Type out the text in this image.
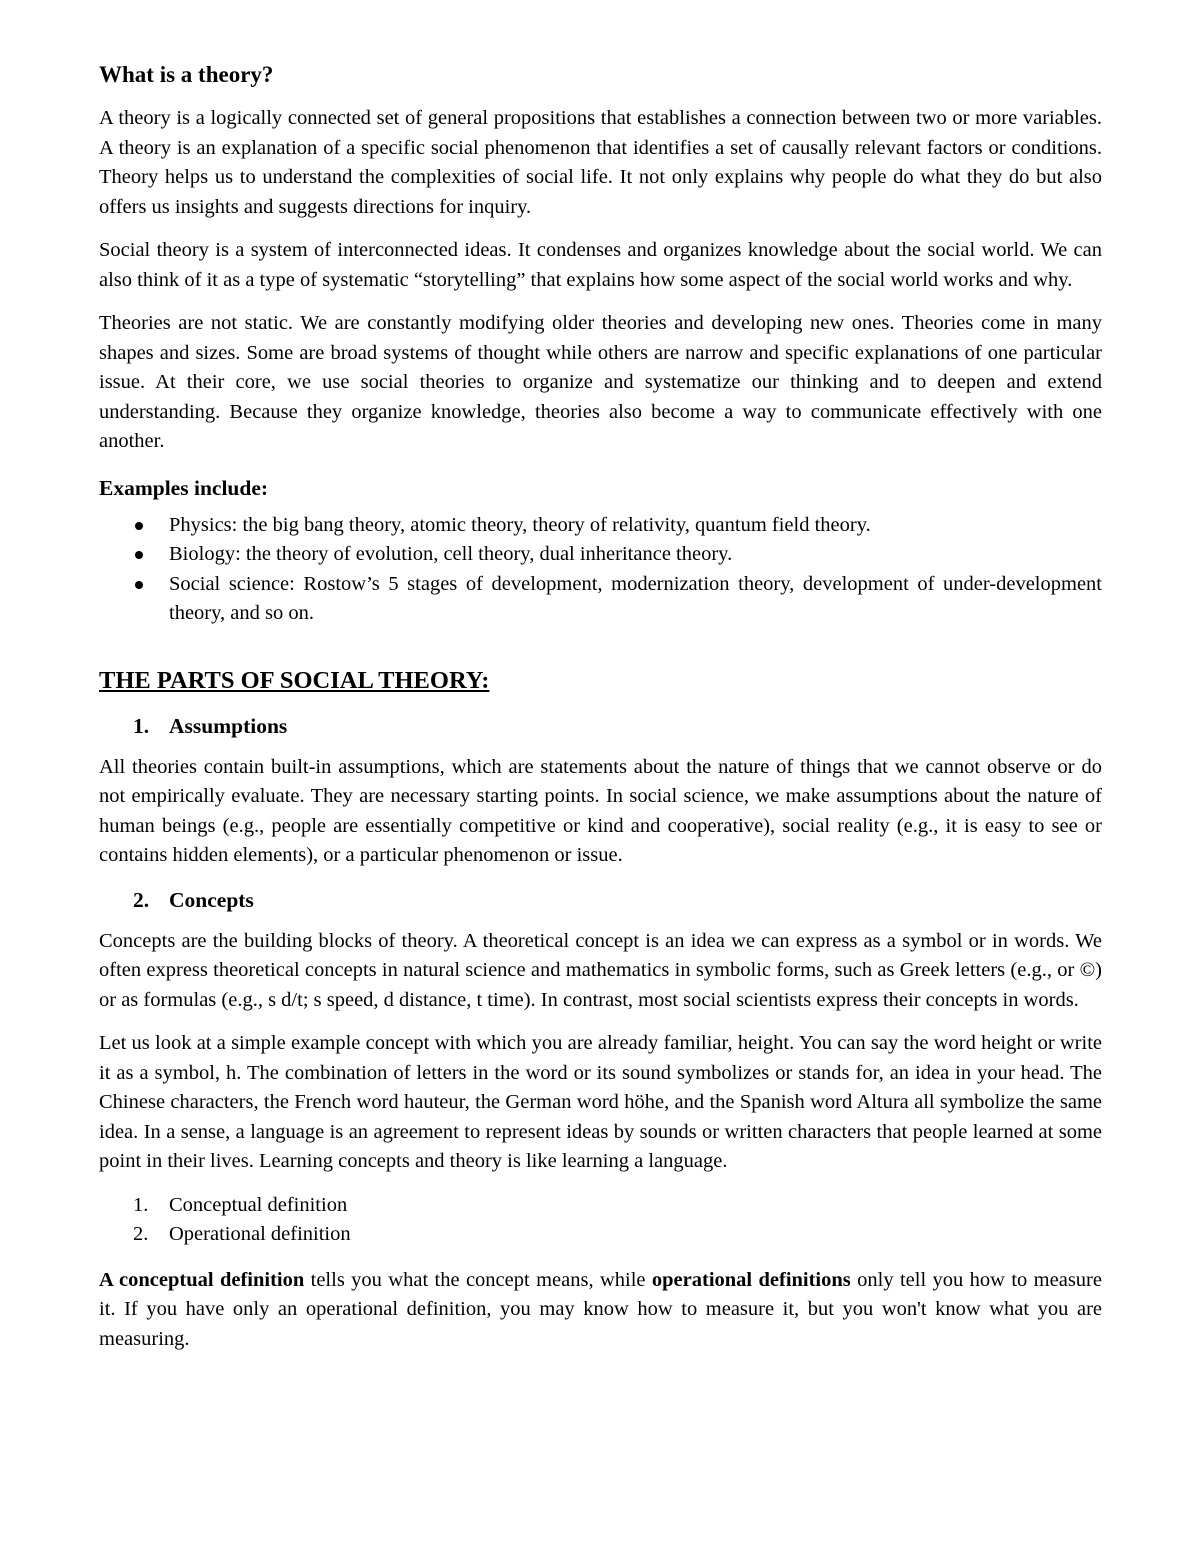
What is a theory?

A theory is a logically connected set of general propositions that establishes a connection between two or more variables. A theory is an explanation of a specific social phenomenon that identifies a set of causally relevant factors or conditions. Theory helps us to understand the complexities of social life. It not only explains why people do what they do but also offers us insights and suggests directions for inquiry.

Social theory is a system of interconnected ideas. It condenses and organizes knowledge about the social world. We can also think of it as a type of systematic “storytelling” that explains how some aspect of the social world works and why.

Theories are not static. We are constantly modifying older theories and developing new ones. Theories come in many shapes and sizes. Some are broad systems of thought while others are narrow and specific explanations of one particular issue. At their core, we use social theories to organize and systematize our thinking and to deepen and extend understanding. Because they organize knowledge, theories also become a way to communicate effectively with one another.

Examples include:
Physics: the big bang theory, atomic theory, theory of relativity, quantum field theory.
Biology: the theory of evolution, cell theory, dual inheritance theory.
Social science: Rostow’s 5 stages of development, modernization theory, development of under-development theory, and so on.
THE PARTS OF SOCIAL THEORY:
1. Assumptions

All theories contain built-in assumptions, which are statements about the nature of things that we cannot observe or do not empirically evaluate. They are necessary starting points. In social science, we make assumptions about the nature of human beings (e.g., people are essentially competitive or kind and cooperative), social reality (e.g., it is easy to see or contains hidden elements), or a particular phenomenon or issue.

2. Concepts

Concepts are the building blocks of theory. A theoretical concept is an idea we can express as a symbol or in words. We often express theoretical concepts in natural science and mathematics in symbolic forms, such as Greek letters (e.g., or ©) or as formulas (e.g., s d/t; s speed, d distance, t time). In contrast, most social scientists express their concepts in words.

Let us look at a simple example concept with which you are already familiar, height. You can say the word height or write it as a symbol, h. The combination of letters in the word or its sound symbolizes or stands for, an idea in your head. The Chinese characters, the French word hauteur, the German word höhe, and the Spanish word Altura all symbolize the same idea. In a sense, a language is an agreement to represent ideas by sounds or written characters that people learned at some point in their lives. Learning concepts and theory is like learning a language.

1.	Conceptual definition
2.	Operational definition

A conceptual definition tells you what the concept means, while operational definitions only tell you how to measure it. If you have only an operational definition, you may know how to measure it, but you won't know what you are measuring.
